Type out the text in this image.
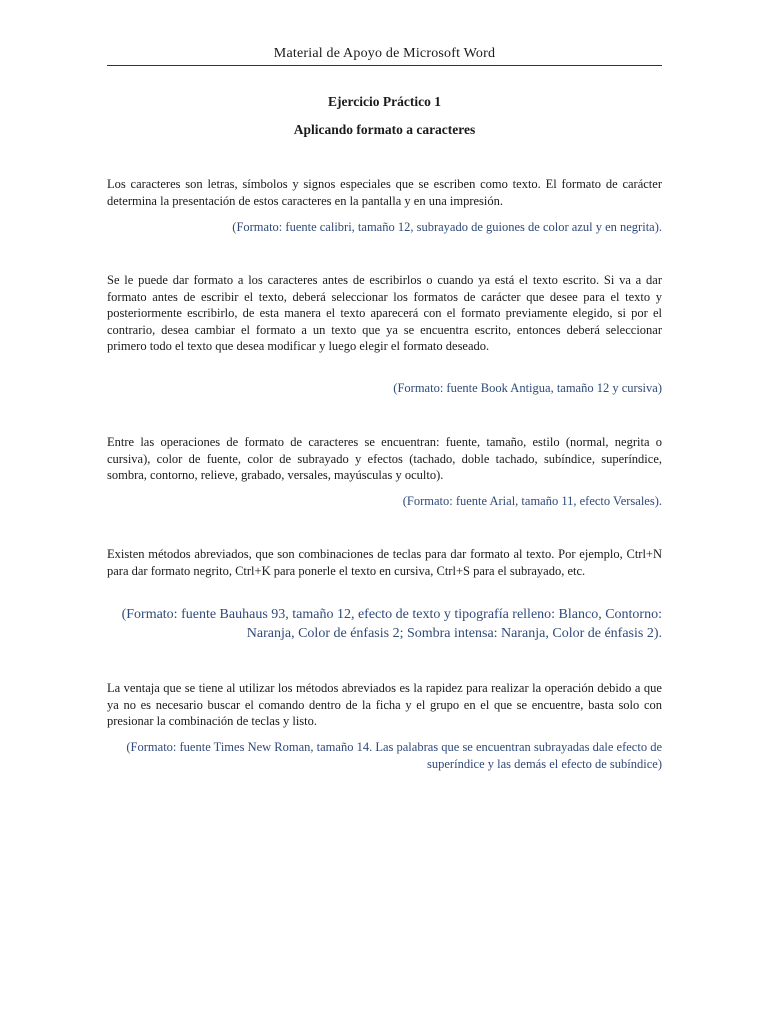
Material de Apoyo de Microsoft Word
Ejercicio Práctico 1
Aplicando formato a caracteres

Los caracteres son letras, símbolos y signos especiales que se escriben como texto. El formato de carácter determina la presentación de estos caracteres en la pantalla y en una impresión.

(Formato: fuente calibri, tamaño 12, subrayado de guiones de color azul y en negrita).

Se le puede dar formato a los caracteres antes de escribirlos o cuando ya está el texto escrito. Si va a dar formato antes de escribir el texto, deberá seleccionar los formatos de carácter que desee para el texto y posteriormente escribirlo, de esta manera el texto aparecerá con el formato previamente elegido, si por el contrario, desea cambiar el formato a un texto que ya se encuentra escrito, entonces deberá seleccionar primero todo el texto que desea modificar y luego elegir el formato deseado.

(Formato: fuente Book Antigua, tamaño 12 y cursiva)

Entre las operaciones de formato de caracteres se encuentran: fuente, tamaño, estilo (normal, negrita o cursiva), color de fuente, color de subrayado y efectos (tachado, doble tachado, subíndice, superíndice, sombra, contorno, relieve, grabado, versales, mayúsculas y oculto).

(Formato: fuente Arial, tamaño 11, efecto Versales).

Existen métodos abreviados, que son combinaciones de teclas para dar formato al texto. Por ejemplo, Ctrl+N para dar formato negrito, Ctrl+K para ponerle el texto en cursiva, Ctrl+S para el subrayado, etc.

(Formato: fuente Bauhaus 93, tamaño 12, efecto de texto y tipografía relleno: Blanco, Contorno: Naranja, Color de énfasis 2; Sombra intensa: Naranja, Color de énfasis 2).

La ventaja que se tiene al utilizar los métodos abreviados es la rapidez para realizar la operación debido a que ya no es necesario buscar el comando dentro de la ficha y el grupo en el que se encuentre, basta solo con presionar la combinación de teclas y listo.

(Formato: fuente Times New Roman, tamaño 14. Las palabras que se encuentran subrayadas dale efecto de superíndice y las demás el efecto de subíndice)
